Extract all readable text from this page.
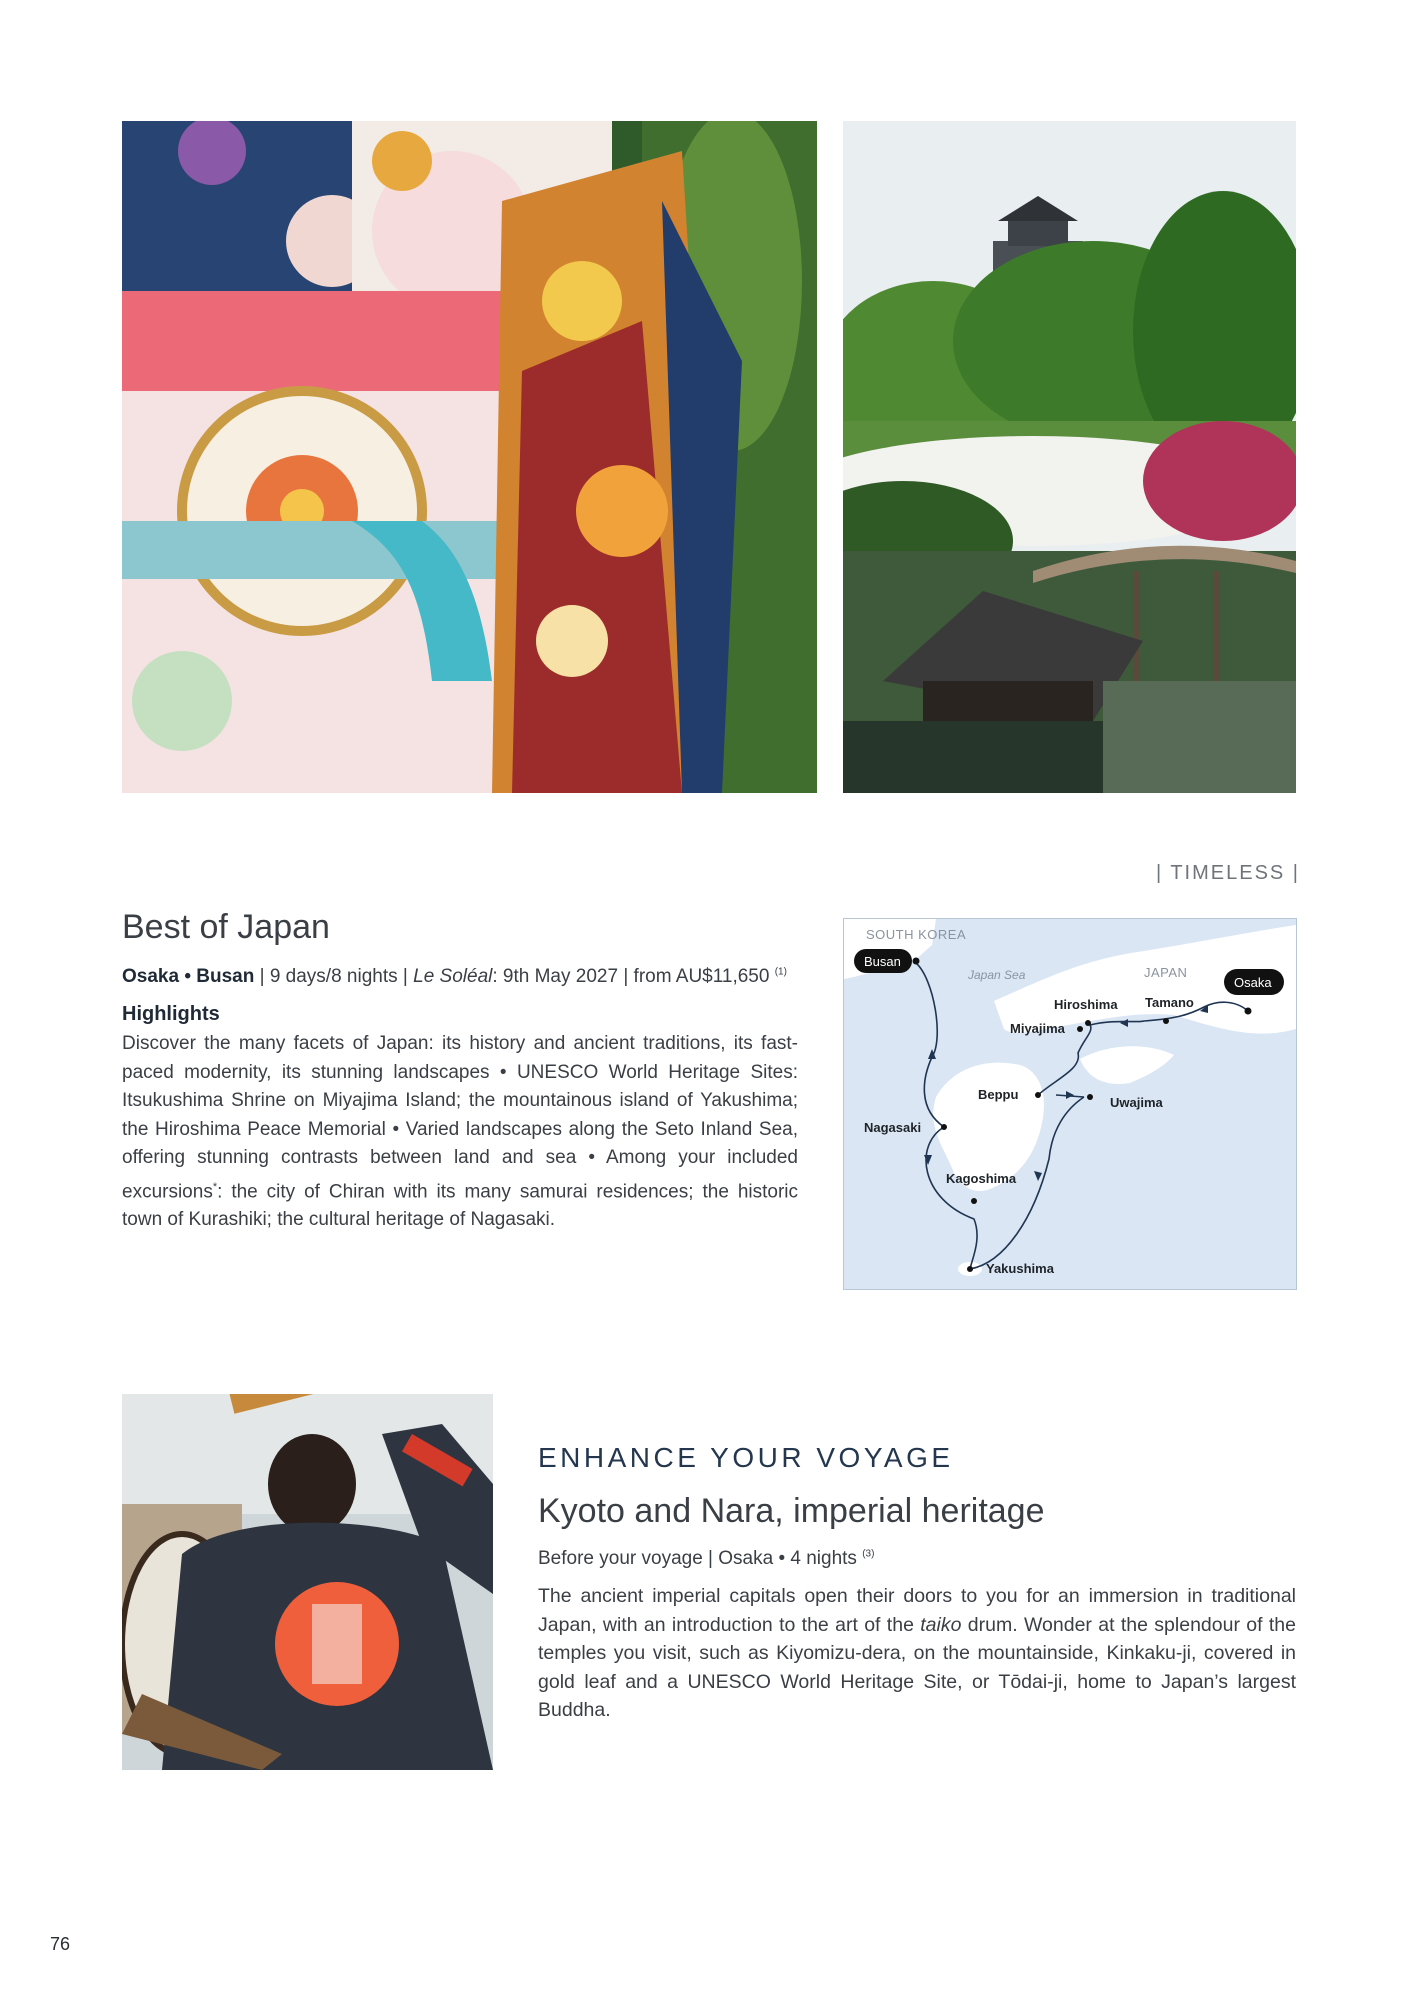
| TIMELESS |
Best of Japan
Osaka • Busan | 9 days/8 nights | Le Soléal: 9th May 2027 | from AU$11,650 $^{(1)}$
Highlights
Discover the many facets of Japan: its history and ancient traditions, its fast-paced modernity, its stunning landscapes • UNESCO World Heritage Sites: Itsukushima Shrine on Miyajima Island; the mountainous island of Yakushima; the Hiroshima Peace Memorial • Varied landscapes along the Seto Inland Sea, offering stunning contrasts between land and sea • Among your included excursions*: the city of Chiran with its many samurai residences; the historic town of Kurashiki; the cultural heritage of Nagasaki.
SOUTH KOREA
JAPAN
Japan Sea
Busan
Osaka
Hiroshima Tamano
Miyajima
Beppu
Uwajima
Nagasaki
Kagoshima
Yakushima
ENHANCE YOUR VOYAGE
Kyoto and Nara, imperial heritage
Before your voyage | Osaka • 4 nights $^{(3)}$
The ancient imperial capitals open their doors to you for an immersion in traditional Japan, with an introduction to the art of the taiko drum. Wonder at the splendour of the temples you visit, such as Kiyomizu-dera, on the mountainside, Kinkaku-ji, covered in gold leaf and a UNESCO World Heritage Site, or Tōdai-ji, home to Japan’s largest Buddha.
76
